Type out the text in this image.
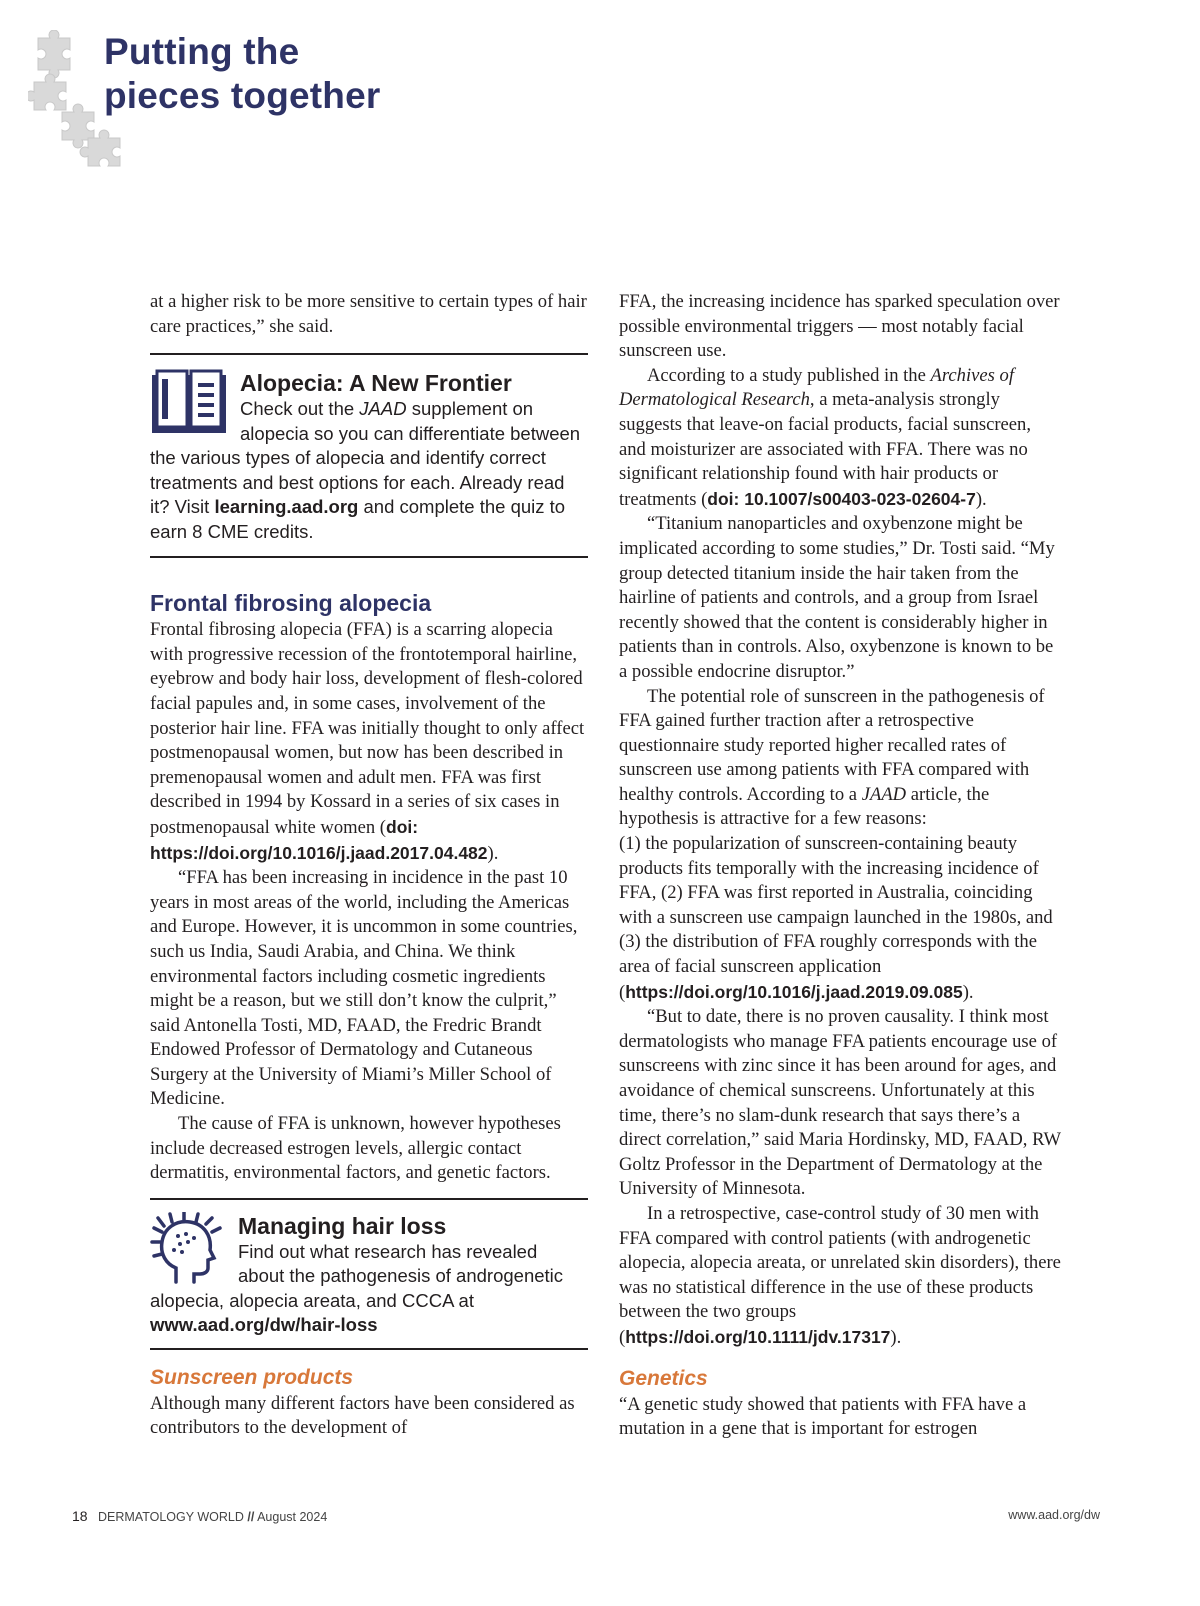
Putting the
pieces together

at a higher risk to be more sensitive to certain types of hair care practices,” she said.

Alopecia: A New Frontier
Check out the JAAD supplement on alopecia so you can differentiate between the various types of alopecia and identify correct treatments and best options for each. Already read it? Visit learning.aad.org and complete the quiz to earn 8 CME credits.
Frontal fibrosing alopecia

Frontal fibrosing alopecia (FFA) is a scarring alopecia with progressive recession of the frontotemporal hairline, eyebrow and body hair loss, development of flesh-colored facial papules and, in some cases, involvement of the posterior hair line. FFA was initially thought to only affect postmenopausal women, but now has been described in premenopausal women and adult men. FFA was first described in 1994 by Kossard in a series of six cases in postmenopausal white women (doi: https://doi.org/10.1016/j.jaad.2017.04.482).

“FFA has been increasing in incidence in the past 10 years in most areas of the world, including the Americas and Europe. However, it is uncommon in some countries, such us India, Saudi Arabia, and China. We think environmental factors including cosmetic ingredients might be a reason, but we still don’t know the culprit,” said Antonella Tosti, MD, FAAD, the Fredric Brandt Endowed Professor of Dermatology and Cutaneous Surgery at the University of Miami’s Miller School of Medicine.

The cause of FFA is unknown, however hypotheses include decreased estrogen levels, allergic contact dermatitis, environmental factors, and genetic factors.

Managing hair loss
Find out what research has revealed about the pathogenesis of androgenetic alopecia, alopecia areata, and CCCA at www.aad.org/dw/hair-loss
Sunscreen products

Although many different factors have been considered as contributors to the development of

FFA, the increasing incidence has sparked speculation over possible environmental triggers — most notably facial sunscreen use.

According to a study published in the Archives of Dermatological Research, a meta-analysis strongly suggests that leave-on facial products, facial sunscreen, and moisturizer are associated with FFA. There was no significant relationship found with hair products or treatments (doi: 10.1007/s00403-023-02604-7).

“Titanium nanoparticles and oxybenzone might be implicated according to some studies,” Dr. Tosti said. “My group detected titanium inside the hair taken from the hairline of patients and controls, and a group from Israel recently showed that the content is considerably higher in patients than in controls. Also, oxybenzone is known to be a possible endocrine disruptor.”

The potential role of sunscreen in the pathogenesis of FFA gained further traction after a retrospective questionnaire study reported higher recalled rates of sunscreen use among patients with FFA compared with healthy controls. According to a JAAD article, the hypothesis is attractive for a few reasons:

(1) the popularization of sunscreen-containing beauty products fits temporally with the increasing incidence of FFA, (2) FFA was first reported in Australia, coinciding with a sunscreen use campaign launched in the 1980s, and (3) the distribution of FFA roughly corresponds with the area of facial sunscreen application (https://doi.org/10.1016/j.jaad.2019.09.085).

“But to date, there is no proven causality. I think most dermatologists who manage FFA patients encourage use of sunscreens with zinc since it has been around for ages, and avoidance of chemical sunscreens. Unfortunately at this time, there’s no slam-dunk research that says there’s a direct correlation,” said Maria Hordinsky, MD, FAAD, RW Goltz Professor in the Department of Dermatology at the University of Minnesota.

In a retrospective, case-control study of 30 men with FFA compared with control patients (with androgenetic alopecia, alopecia areata, or unrelated skin disorders), there was no statistical difference in the use of these products between the two groups (https://doi.org/10.1111/jdv.17317).

Genetics

“A genetic study showed that patients with FFA have a mutation in a gene that is important for estrogen

18 DERMATOLOGY WORLD // August 2024	www.aad.org/dw
